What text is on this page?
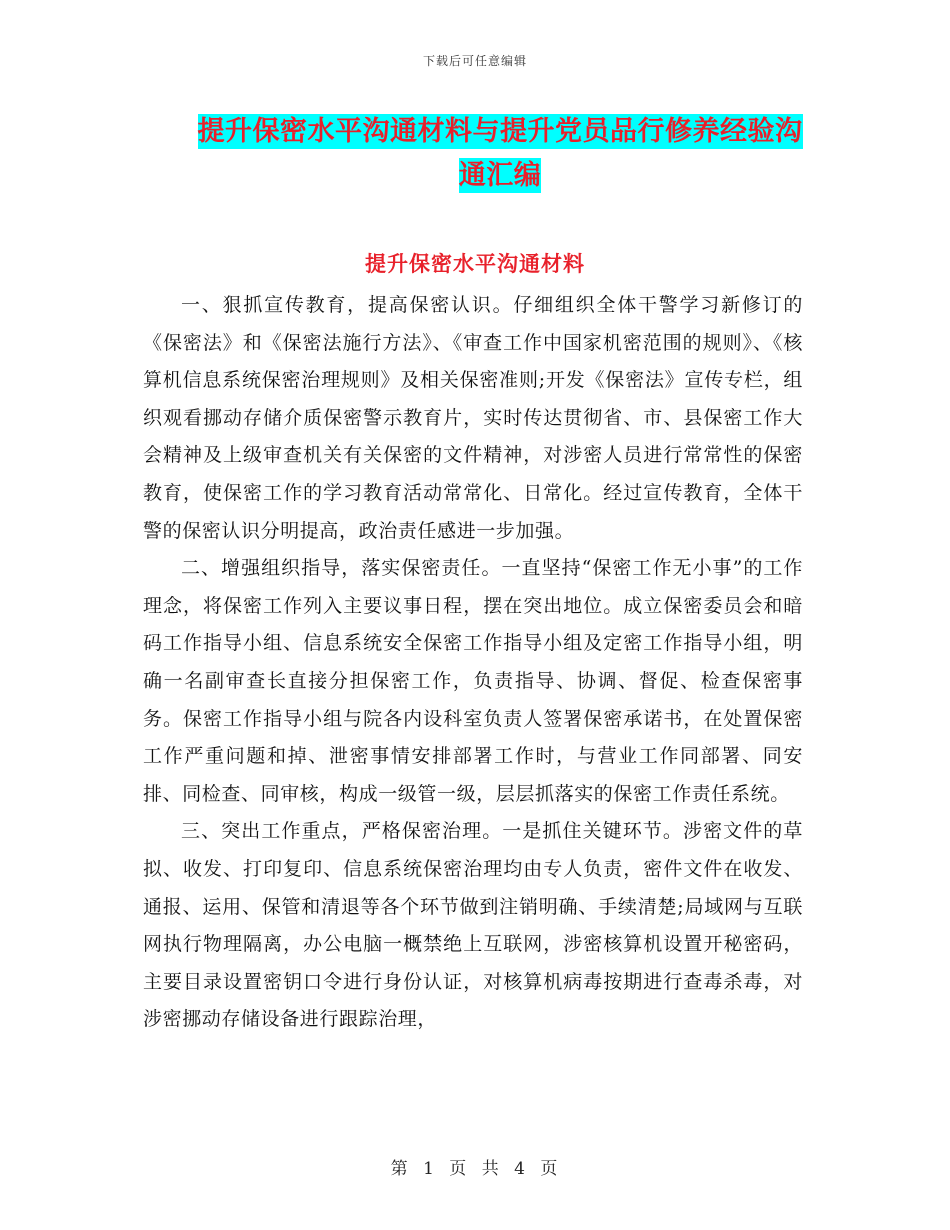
下载后可任意编辑
提升保密水平沟通材料与提升党员品行修养经验沟通汇编
提升保密水平沟通材料

一、狠抓宣传教育，提高保密认识。仔细组织全体干警学习新修订的《保密法》和《保密法施行方法》、《审查工作中国家机密范围的规则》、《核算机信息系统保密治理规则》及相关保密准则;开发《保密法》宣传专栏，组织观看挪动存储介质保密警示教育片，实时传达贯彻省、市、县保密工作大会精神及上级审查机关有关保密的文件精神，对涉密人员进行常常性的保密教育，使保密工作的学习教育活动常常化、日常化。经过宣传教育，全体干警的保密认识分明提高，政治责任感进一步加强。

二、增强组织指导，落实保密责任。一直坚持“保密工作无小事”的工作理念，将保密工作列入主要议事日程，摆在突出地位。成立保密委员会和暗码工作指导小组、信息系统安全保密工作指导小组及定密工作指导小组，明确一名副审查长直接分担保密工作，负责指导、协调、督促、检查保密事务。保密工作指导小组与院各内设科室负责人签署保密承诺书，在处置保密工作严重问题和掉、泄密事情安排部署工作时，与营业工作同部署、同安排、同检查、同审核，构成一级管一级，层层抓落实的保密工作责任系统。

三、突出工作重点，严格保密治理。一是抓住关键环节。涉密文件的草拟、收发、打印复印、信息系统保密治理均由专人负责，密件文件在收发、通报、运用、保管和清退等各个环节做到注销明确、手续清楚;局域网与互联网执行物理隔离，办公电脑一概禁绝上互联网，涉密核算机设置开秘密码，主要目录设置密钥口令进行身份认证，对核算机病毒按期进行查毒杀毒，对涉密挪动存储设备进行跟踪治理，

第 1 页 共 4 页
